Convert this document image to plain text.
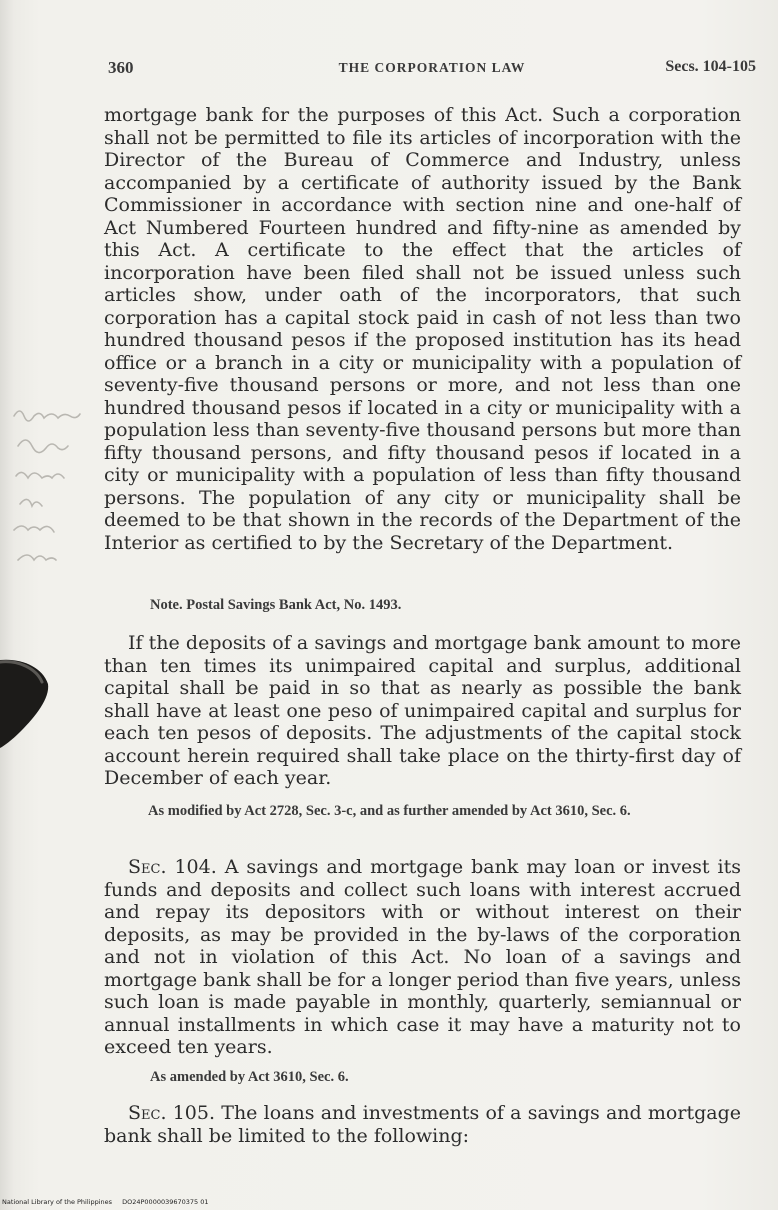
360	THE CORPORATION LAW	Secs. 104-105

mortgage bank for the purposes of this Act. Such a corporation shall not be permitted to file its articles of incorporation with the Director of the Bureau of Commerce and Industry, unless accompanied by a certificate of authority issued by the Bank Commissioner in accordance with section nine and one-half of Act Numbered Fourteen hundred and fifty-nine as amended by this Act. A certificate to the effect that the articles of incorporation have been filed shall not be issued unless such articles show, under oath of the incorporators, that such corporation has a capital stock paid in cash of not less than two hundred thousand pesos if the proposed institution has its head office or a branch in a city or municipality with a population of seventy-five thousand persons or more, and not less than one hundred thousand pesos if located in a city or municipality with a population less than seventy-five thousand persons but more than fifty thousand persons, and fifty thousand pesos if located in a city or municipality with a population of less than fifty thousand persons. The population of any city or municipality shall be deemed to be that shown in the records of the Department of the Interior as certified to by the Secretary of the Department.

Note. Postal Savings Bank Act, No. 1493.

If the deposits of a savings and mortgage bank amount to more than ten times its unimpaired capital and surplus, additional capital shall be paid in so that as nearly as possible the bank shall have at least one peso of unimpaired capital and surplus for each ten pesos of deposits. The adjustments of the capital stock account herein required shall take place on the thirty-first day of December of each year.

As modified by Act 2728, Sec. 3-c, and as further amended by Act 3610, Sec. 6.

Sec. 104. A savings and mortgage bank may loan or invest its funds and deposits and collect such loans with interest accrued and repay its depositors with or without interest on their deposits, as may be provided in the by-laws of the corporation and not in violation of this Act. No loan of a savings and mortgage bank shall be for a longer period than five years, unless such loan is made payable in monthly, quarterly, semiannual or annual installments in which case it may have a maturity not to exceed ten years.

As amended by Act 3610, Sec. 6.

Sec. 105. The loans and investments of a savings and mortgage bank shall be limited to the following:

National Library of the Philippines DO24P0000039670375 01
